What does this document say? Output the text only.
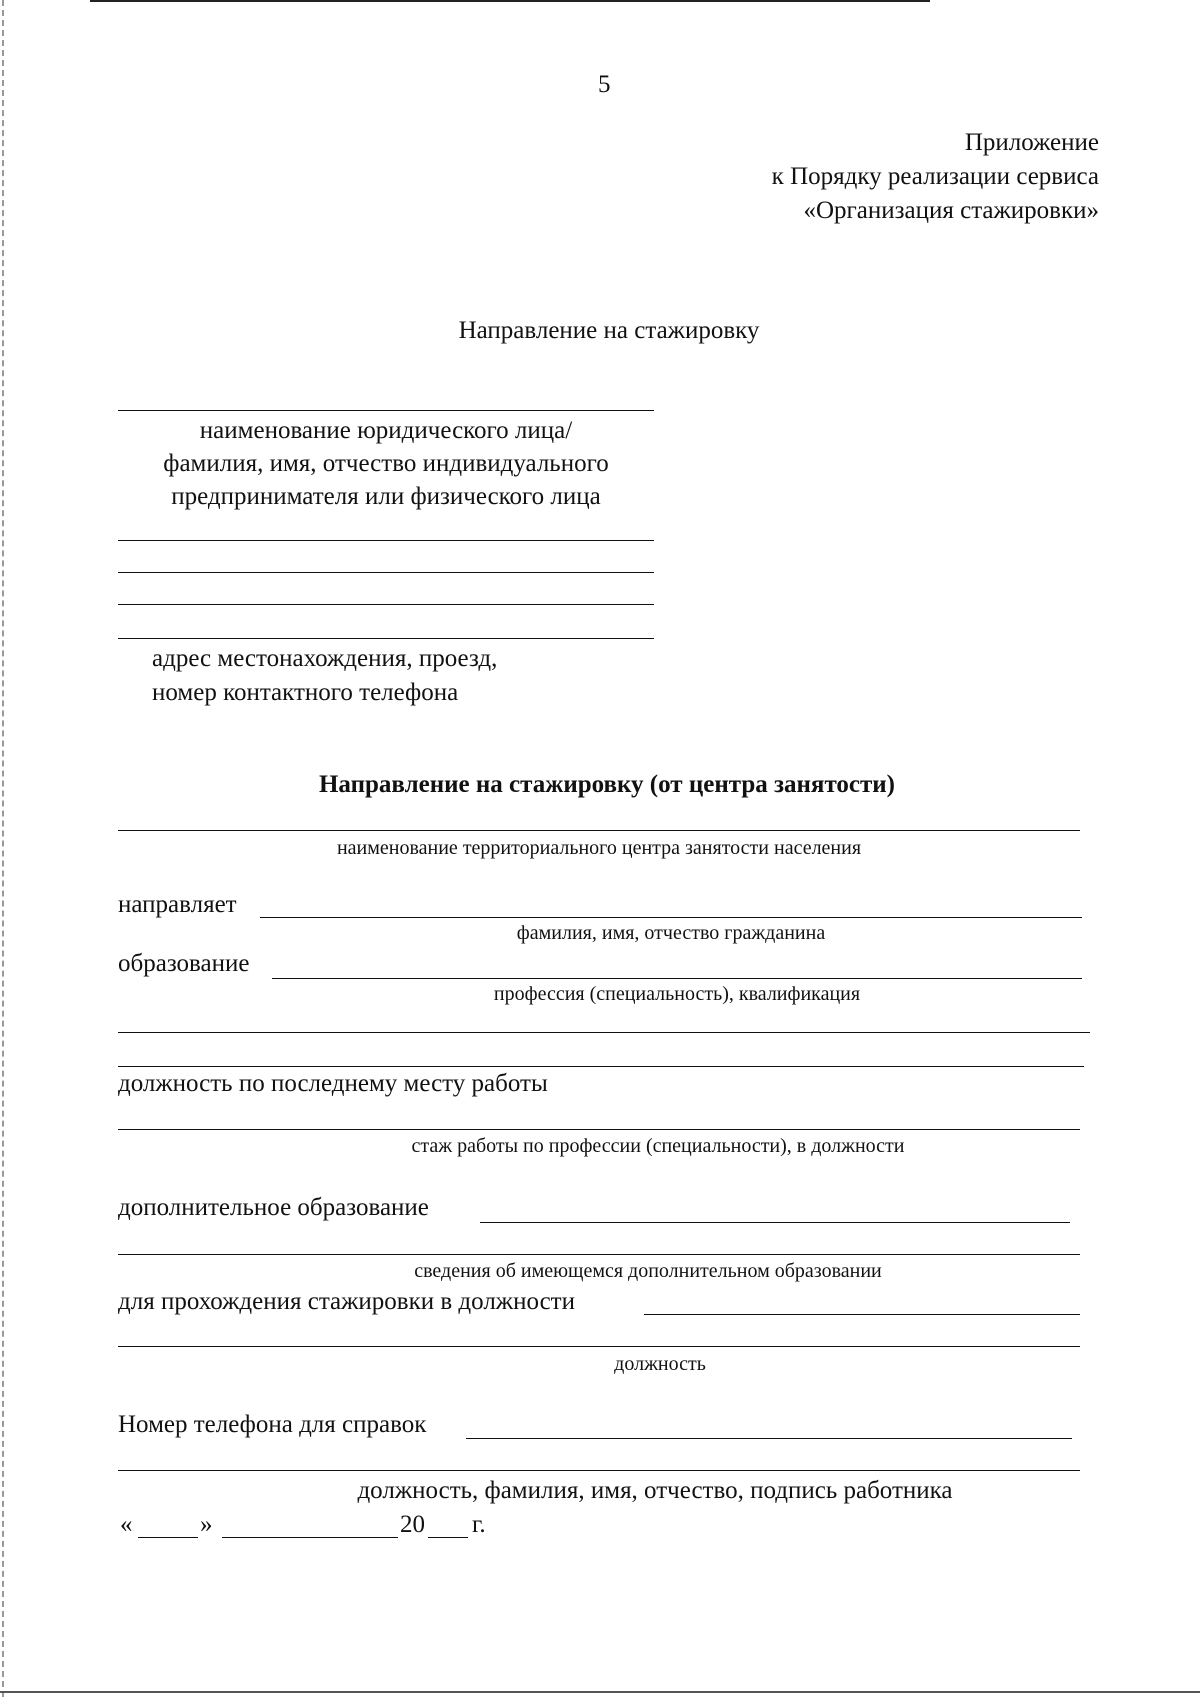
5
Приложение
к Порядку реализации сервиса
«Организация стажировки»
Направление на стажировку
наименование юридического лица/
фамилия, имя, отчество индивидуального
предпринимателя или физического лица
адрес местонахождения, проезд,
номер контактного телефона
Направление на стажировку (от центра занятости)
наименование территориального центра занятости населения
направляет
фамилия, имя, отчество гражданина
образование
профессия (специальность), квалификация
должность по последнему месту работы
стаж работы по профессии (специальности), в должности
дополнительное образование
сведения об имеющемся дополнительном образовании
для прохождения стажировки в должности
должность
Номер телефона для справок
должность, фамилия, имя, отчество, подпись работника
«	»	20 г.
